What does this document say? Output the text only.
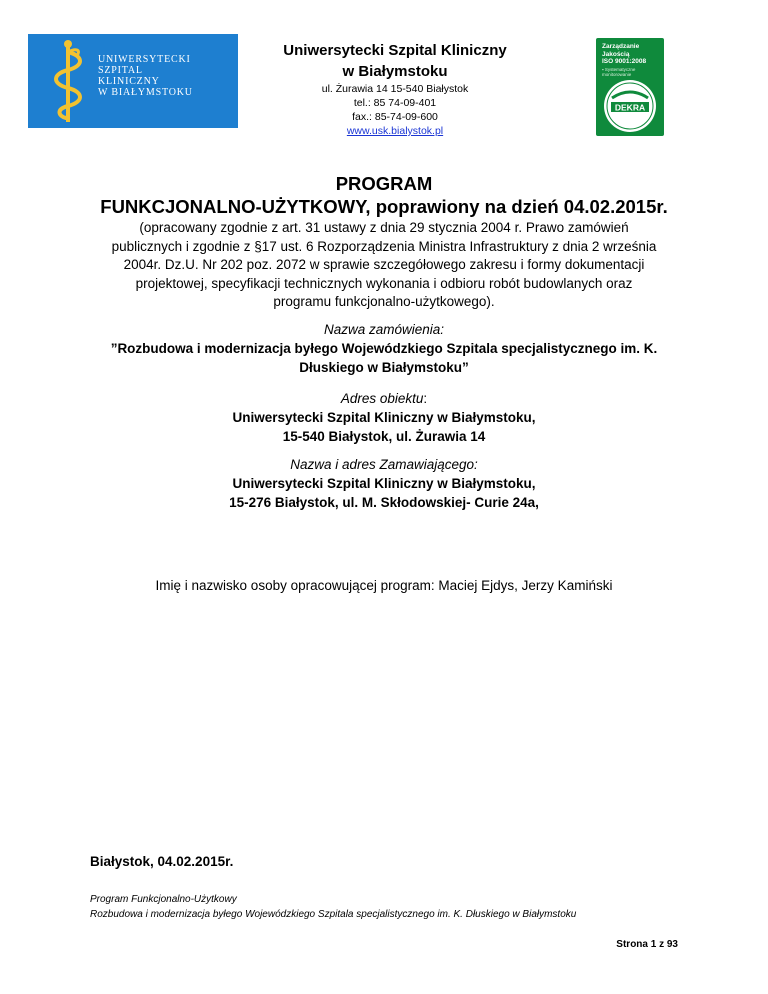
UNIWERSYTECKI
SZPITAL
KLINICZNY
W BIAŁYMSTOKU
Uniwersytecki Szpital Kliniczny
w Białymstoku
ul. Żurawia 14 15-540 Białystok
tel.: 85 74-09-401
fax.: 85-74-09-600
www.usk.bialystok.pl
Zarządzanie
Jakością
ISO 9001:2008
▪ Systematyczne
monitorowanie
DEKRA
PROGRAM
FUNKCJONALNO-UŻYTKOWY, poprawiony na dzień 04.02.2015r.
(opracowany zgodnie z art. 31 ustawy z dnia 29 stycznia 2004 r. Prawo zamówień
publicznych i zgodnie z §17 ust. 6 Rozporządzenia Ministra Infrastruktury z dnia 2 września
2004r. Dz.U. Nr 202 poz. 2072 w sprawie szczegółowego zakresu i formy dokumentacji
projektowej, specyfikacji technicznych wykonania i odbioru robót budowlanych oraz
programu funkcjonalno-użytkowego).
Nazwa zamówienia:
”Rozbudowa i modernizacja byłego Wojewódzkiego Szpitala specjalistycznego im. K.
Dłuskiego w Białymstoku”
Adres obiektu:
Uniwersytecki Szpital Kliniczny w Białymstoku,
15-540 Białystok, ul. Żurawia 14
Nazwa i adres Zamawiającego:
Uniwersytecki Szpital Kliniczny w Białymstoku,
15-276 Białystok, ul. M. Skłodowskiej- Curie 24a,
Imię i nazwisko osoby opracowującej program: Maciej Ejdys, Jerzy Kamiński
Białystok, 04.02.2015r.
Program Funkcjonalno-Użytkowy
Rozbudowa i modernizacja byłego Wojewódzkiego Szpitala specjalistycznego im. K. Dłuskiego w Białymstoku
Strona 1 z 93
